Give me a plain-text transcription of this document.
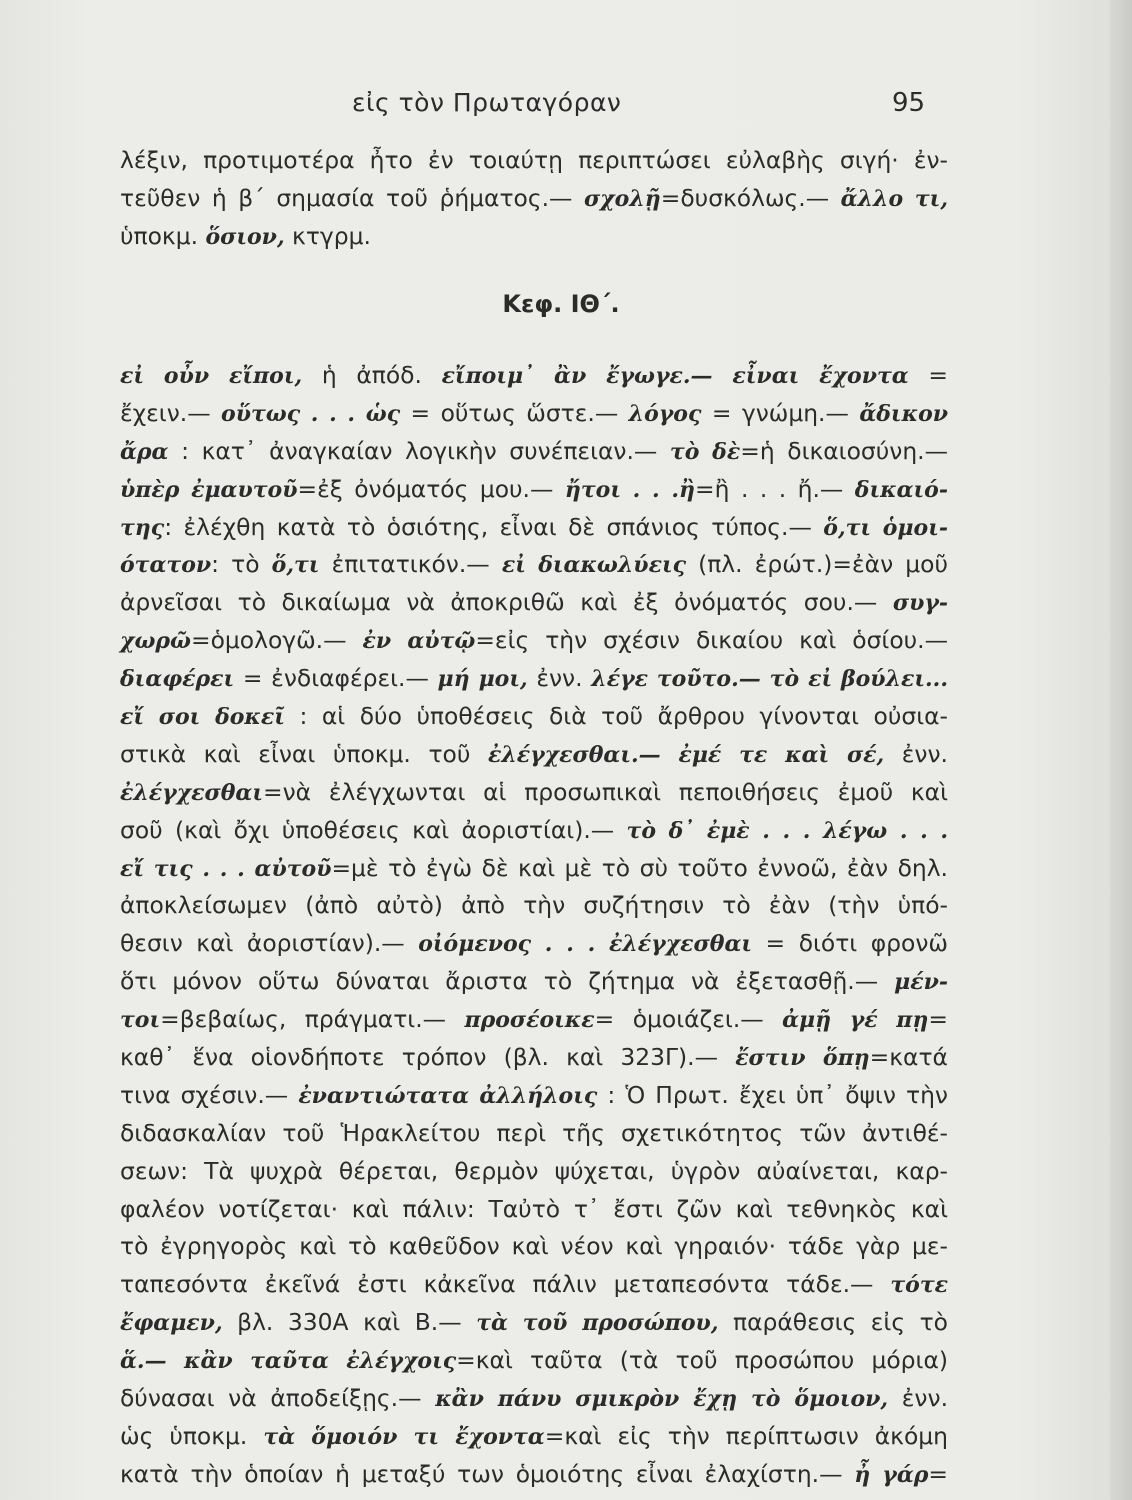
εἰς τὸν Πρωταγόραν	95
λέξιν, προτιμοτέρα ἦτο ἐν τοιαύτῃ περιπτώσει εὐλαβὴς σιγή· ἐν-
τεῦθεν ἡ β΄ σημασία τοῦ ῥήματος.— σχολῇ=δυσκόλως.— ἄλλο τι,
ὑποκμ. ὅσιον, κτγρμ.
Κεφ. ΙΘ΄.
εἰ οὖν εἴποι, ἡ ἀπόδ. εἴποιμ᾽ ἂν ἔγωγε.— εἶναι ἔχοντα =
ἔχειν.— οὕτως . . . ὡς = οὕτως ὥστε.— λόγος = γνώμη.— ἄδικον
ἄρα : κατ᾽ ἀναγκαίαν λογικὴν συνέπειαν.— τὸ δὲ=ἡ δικαιοσύνη.—
ὑπὲρ ἐμαυτοῦ=ἐξ ὀνόματός μου.— ἤτοι . . .ἢ=ἢ . . . ἤ.— δικαιό-
της: ἐλέχθη κατὰ τὸ ὁσιότης, εἶναι δὲ σπάνιος τύπος.— ὅ,τι ὁμοι-
ότατον: τὸ ὅ,τι ἐπιτατικόν.— εἰ διακωλύεις (πλ. ἐρώτ.)=ἐὰν μοῦ
ἀρνεῖσαι τὸ δικαίωμα νὰ ἀποκριθῶ καὶ ἐξ ὀνόματός σου.— συγ-
χωρῶ=ὁμολογῶ.— ἐν αὐτῷ=εἰς τὴν σχέσιν δικαίου καὶ ὁσίου.—
διαφέρει = ἐνδιαφέρει.— μή μοι, ἐνν. λέγε τοῦτο.— τὸ εἰ βούλει...
εἴ σοι δοκεῖ : αἱ δύο ὑποθέσεις διὰ τοῦ ἄρθρου γίνονται οὐσια-
στικὰ καὶ εἶναι ὑποκμ. τοῦ ἐλέγχεσθαι.— ἐμέ τε καὶ σέ, ἐνν.
ἐλέγχεσθαι=νὰ ἐλέγχωνται αἱ προσωπικαὶ πεποιθήσεις ἐμοῦ καὶ
σοῦ (καὶ ὄχι ὑποθέσεις καὶ ἀοριστίαι).— τὸ δ᾽ ἐμὲ . . . λέγω . . .
εἴ τις . . . αὐτοῦ=μὲ τὸ ἐγὼ δὲ καὶ μὲ τὸ σὺ τοῦτο ἐννοῶ, ἐὰν δηλ.
ἀποκλείσωμεν (ἀπὸ αὐτὸ) ἀπὸ τὴν συζήτησιν τὸ ἐὰν (τὴν ὑπό-
θεσιν καὶ ἀοριστίαν).— οἰόμενος . . . ἐλέγχεσθαι = διότι φρονῶ
ὅτι μόνον οὕτω δύναται ἄριστα τὸ ζήτημα νὰ ἐξετασθῇ.— μέν-
τοι=βεβαίως, πράγματι.— προσέοικε= ὁμοιάζει.— ἀμῇ γέ πῃ=
καθ᾽ ἕνα οἱονδήποτε τρόπον (βλ. καὶ 323Γ).— ἔστιν ὅπῃ=κατά
τινα σχέσιν.— ἐναντιώτατα ἀλλήλοις : Ὁ Πρωτ. ἔχει ὑπ᾽ ὄψιν τὴν
διδασκαλίαν τοῦ Ἡρακλείτου περὶ τῆς σχετικότητος τῶν ἀντιθέ-
σεων: Τὰ ψυχρὰ θέρεται, θερμὸν ψύχεται, ὑγρὸν αὐαίνεται, καρ-
φαλέον νοτίζεται· καὶ πάλιν: Ταὐτὸ τ᾽ ἔστι ζῶν καὶ τεθνηκὸς καὶ
τὸ ἐγρηγορὸς καὶ τὸ καθεῦδον καὶ νέον καὶ γηραιόν· τάδε γὰρ με-
ταπεσόντα ἐκεῖνά ἐστι κἀκεῖνα πάλιν μεταπεσόντα τάδε.— τότε
ἔφαμεν, βλ. 330Α καὶ Β.— τὰ τοῦ προσώπου, παράθεσις εἰς τὸ
ἅ.— κἂν ταῦτα ἐλέγχοις=καὶ ταῦτα (τὰ τοῦ προσώπου μόρια)
δύνασαι νὰ ἀποδείξῃς.— κἂν πάνυ σμικρὸν ἔχῃ τὸ ὅμοιον, ἐνν.
ὡς ὑποκμ. τὰ ὅμοιόν τι ἔχοντα=καὶ εἰς τὴν περίπτωσιν ἀκόμη
κατὰ τὴν ὁποίαν ἡ μεταξύ των ὁμοιότης εἶναι ἐλαχίστη.— ἦ γάρ=
